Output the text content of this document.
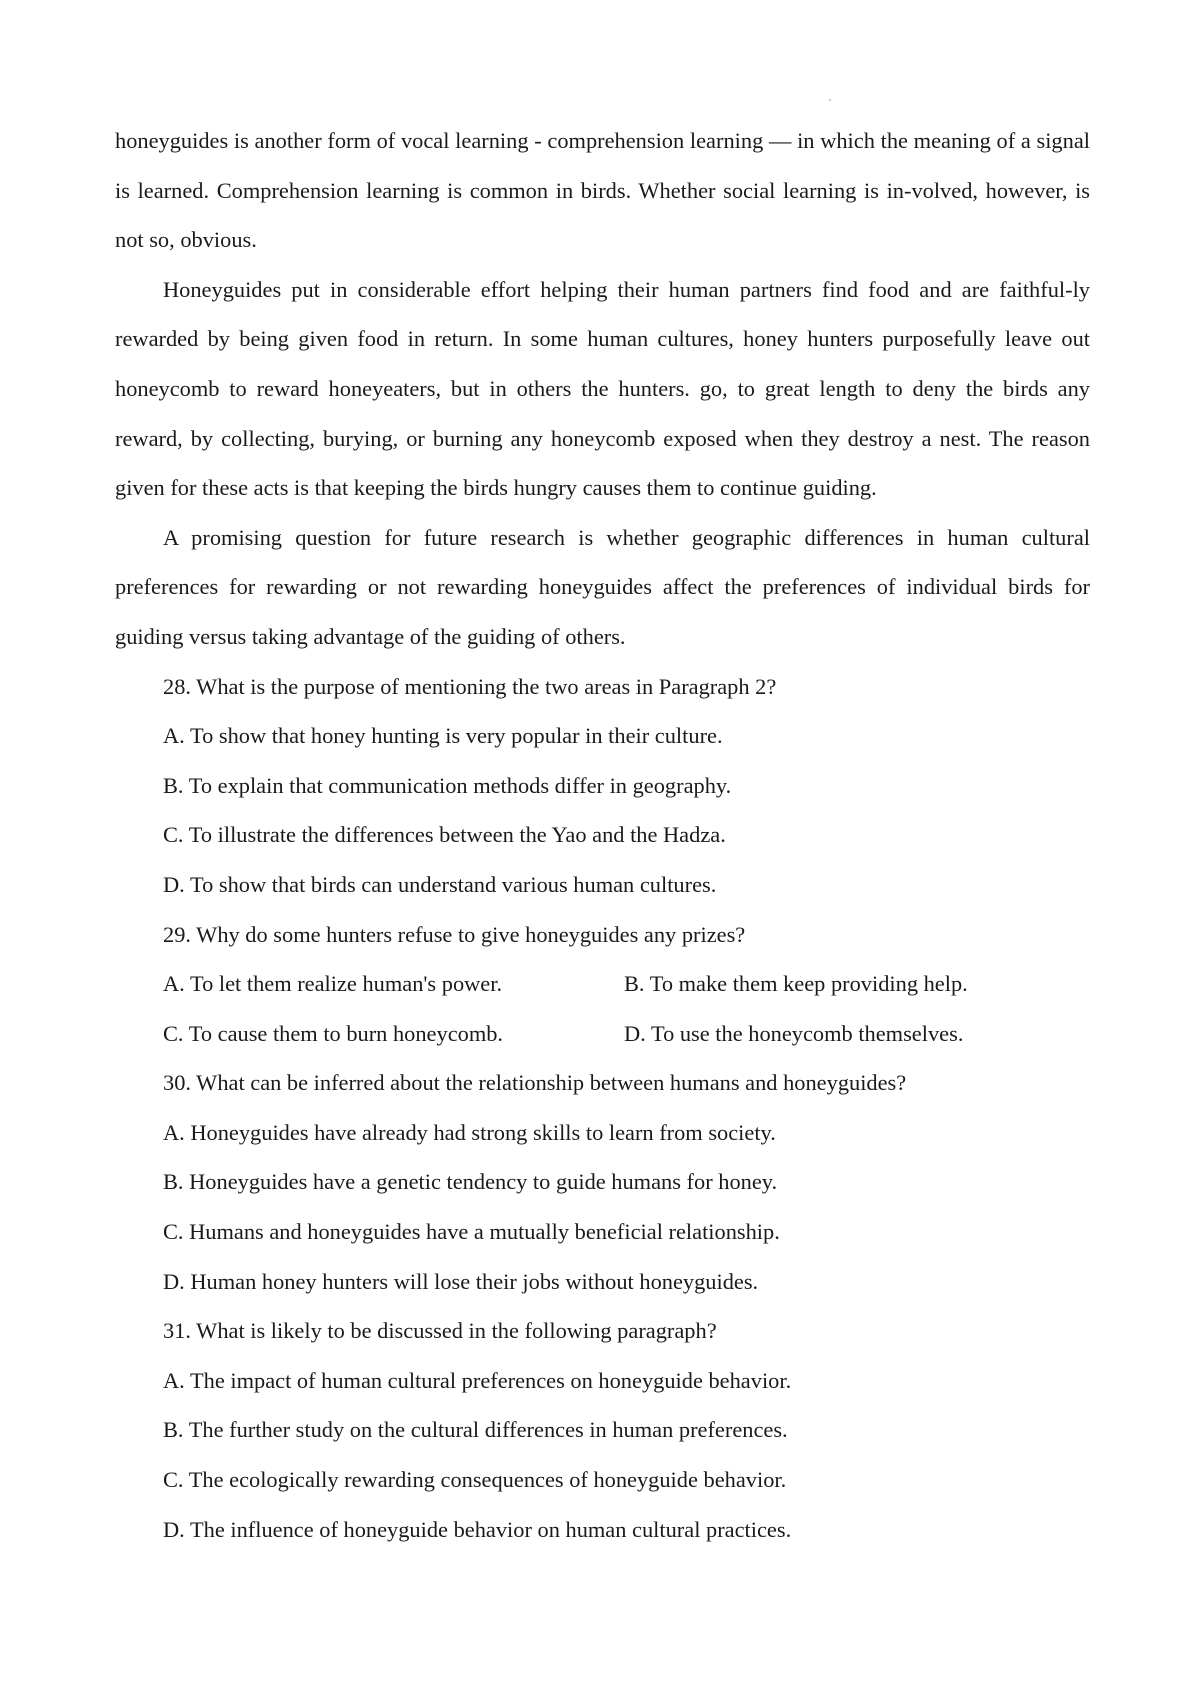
honeyguides is another form of vocal learning - comprehension learning — in which the meaning of a signal is learned. Comprehension learning is common in birds. Whether social learning is in-volved, however, is not so, obvious.

Honeyguides put in considerable effort helping their human partners find food and are faithful-ly rewarded by being given food in return. In some human cultures, honey hunters purposefully leave out honeycomb to reward honeyeaters, but in others the hunters. go, to great length to deny the birds any reward, by collecting, burying, or burning any honeycomb exposed when they destroy a nest. The reason given for these acts is that keeping the birds hungry causes them to continue guiding.

A promising question for future research is whether geographic differences in human cultural preferences for rewarding or not rewarding honeyguides affect the preferences of individual birds for guiding versus taking advantage of the guiding of others.

28. What is the purpose of mentioning the two areas in Paragraph 2?

A. To show that honey hunting is very popular in their culture.

B. To explain that communication methods differ in geography.

C. To illustrate the differences between the Yao and the Hadza.

D. To show that birds can understand various human cultures.

29. Why do some hunters refuse to give honeyguides any prizes?

A. To let them realize human's power.	B. To make them keep providing help.
C. To cause them to burn honeycomb.	D. To use the honeycomb themselves.

30. What can be inferred about the relationship between humans and honeyguides?

A. Honeyguides have already had strong skills to learn from society.

B. Honeyguides have a genetic tendency to guide humans for honey.

C. Humans and honeyguides have a mutually beneficial relationship.

D. Human honey hunters will lose their jobs without honeyguides.

31. What is likely to be discussed in the following paragraph?

A. The impact of human cultural preferences on honeyguide behavior.

B. The further study on the cultural differences in human preferences.

C. The ecologically rewarding consequences of honeyguide behavior.

D. The influence of honeyguide behavior on human cultural practices.
